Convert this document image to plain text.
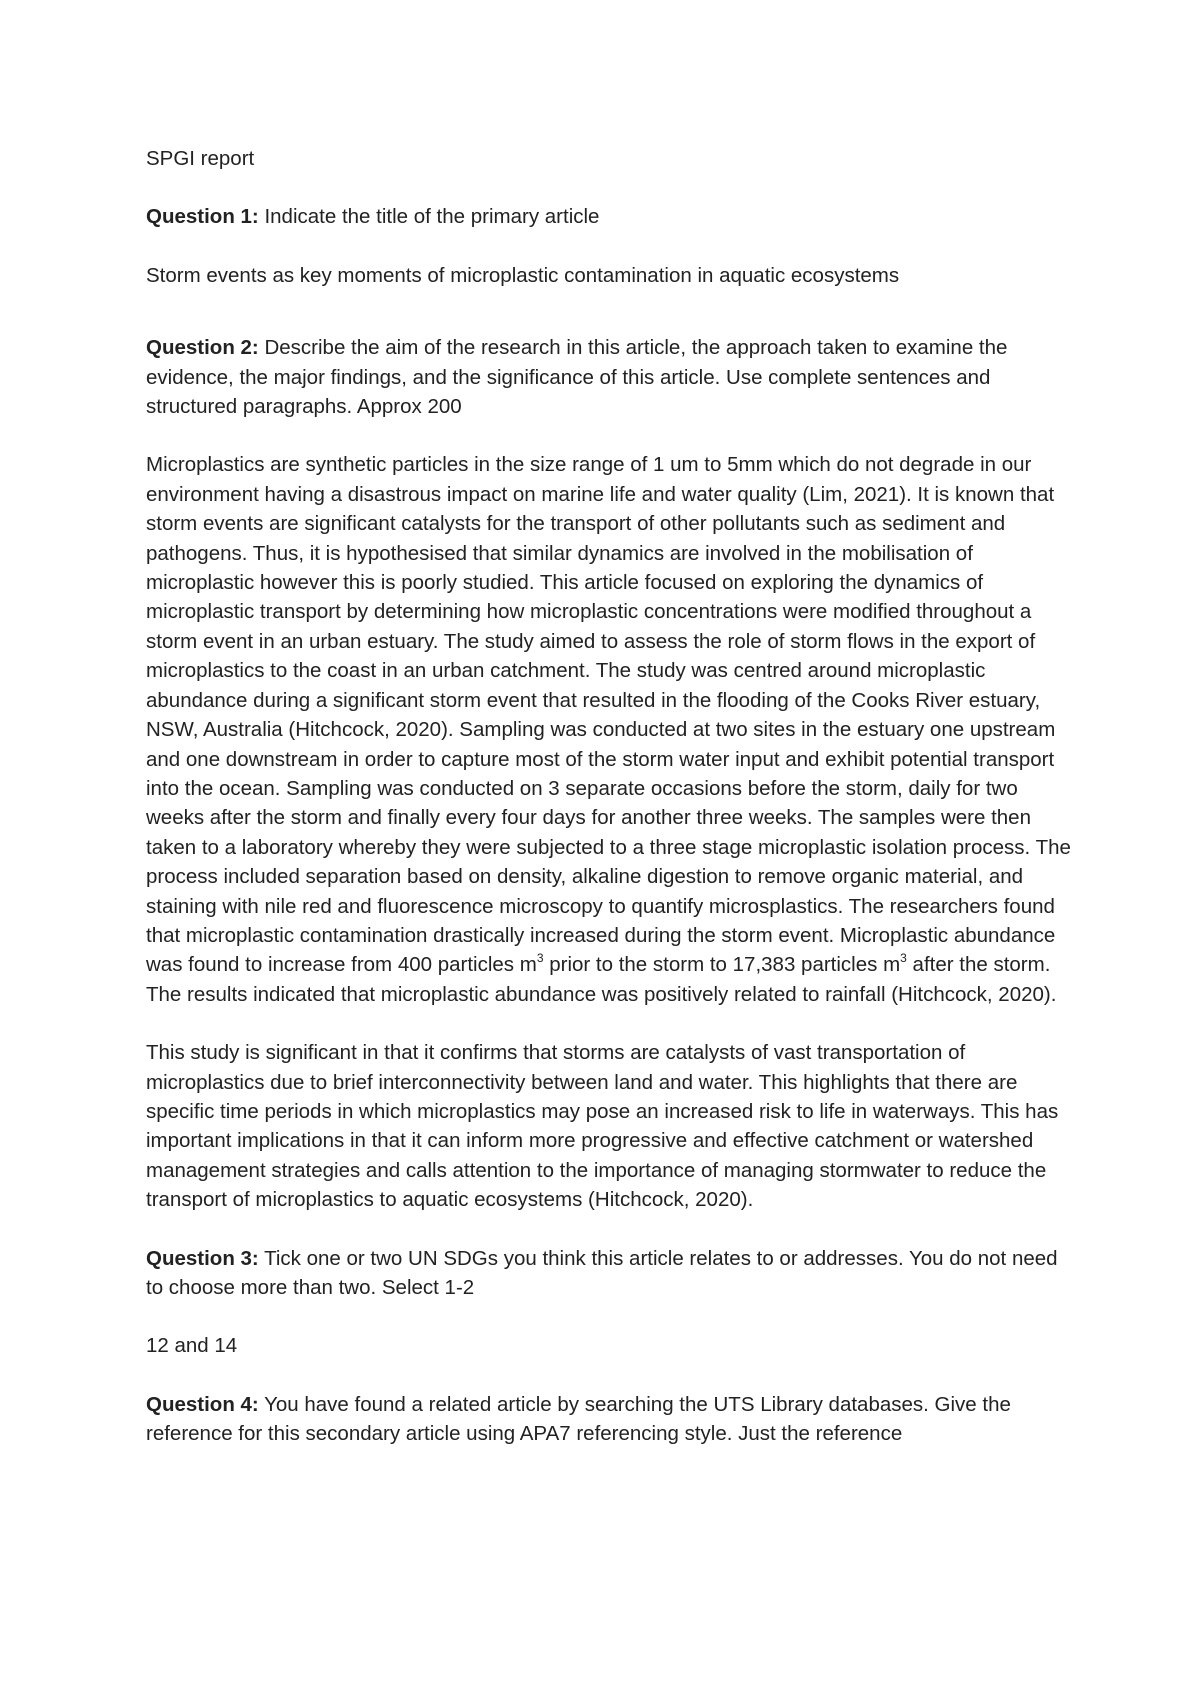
SPGI report

Question 1: Indicate the title of the primary article

Storm events as key moments of microplastic contamination in aquatic ecosystems

Question 2: Describe the aim of the research in this article, the approach taken to examine the evidence, the major findings, and the significance of this article. Use complete sentences and structured paragraphs. Approx 200

Microplastics are synthetic particles in the size range of 1 um to 5mm which do not degrade in our environment having a disastrous impact on marine life and water quality (Lim, 2021). It is known that storm events are significant catalysts for the transport of other pollutants such as sediment and pathogens. Thus, it is hypothesised that similar dynamics are involved in the mobilisation of microplastic however this is poorly studied. This article focused on exploring the dynamics of microplastic transport by determining how microplastic concentrations were modified throughout a storm event in an urban estuary. The study aimed to assess the role of storm flows in the export of microplastics to the coast in an urban catchment. The study was centred around microplastic abundance during a significant storm event that resulted in the flooding of the Cooks River estuary, NSW, Australia (Hitchcock, 2020). Sampling was conducted at two sites in the estuary one upstream and one downstream in order to capture most of the storm water input and exhibit potential transport into the ocean. Sampling was conducted on 3 separate occasions before the storm, daily for two weeks after the storm and finally every four days for another three weeks. The samples were then taken to a laboratory whereby they were subjected to a three stage microplastic isolation process. The process included separation based on density, alkaline digestion to remove organic material, and staining with nile red and fluorescence microscopy to quantify microsplastics. The researchers found that microplastic contamination drastically increased during the storm event. Microplastic abundance was found to increase from 400 particles $m^3$ prior to the storm to 17,383 particles $m^3$ after the storm. The results indicated that microplastic abundance was positively related to rainfall (Hitchcock, 2020).

This study is significant in that it confirms that storms are catalysts of vast transportation of microplastics due to brief interconnectivity between land and water. This highlights that there are specific time periods in which microplastics may pose an increased risk to life in waterways. This has important implications in that it can inform more progressive and effective catchment or watershed management strategies and calls attention to the importance of managing stormwater to reduce the transport of microplastics to aquatic ecosystems (Hitchcock, 2020).

Question 3: Tick one or two UN SDGs you think this article relates to or addresses. You do not need to choose more than two. Select 1-2

12 and 14

Question 4: You have found a related article by searching the UTS Library databases. Give the reference for this secondary article using APA7 referencing style. Just the reference
